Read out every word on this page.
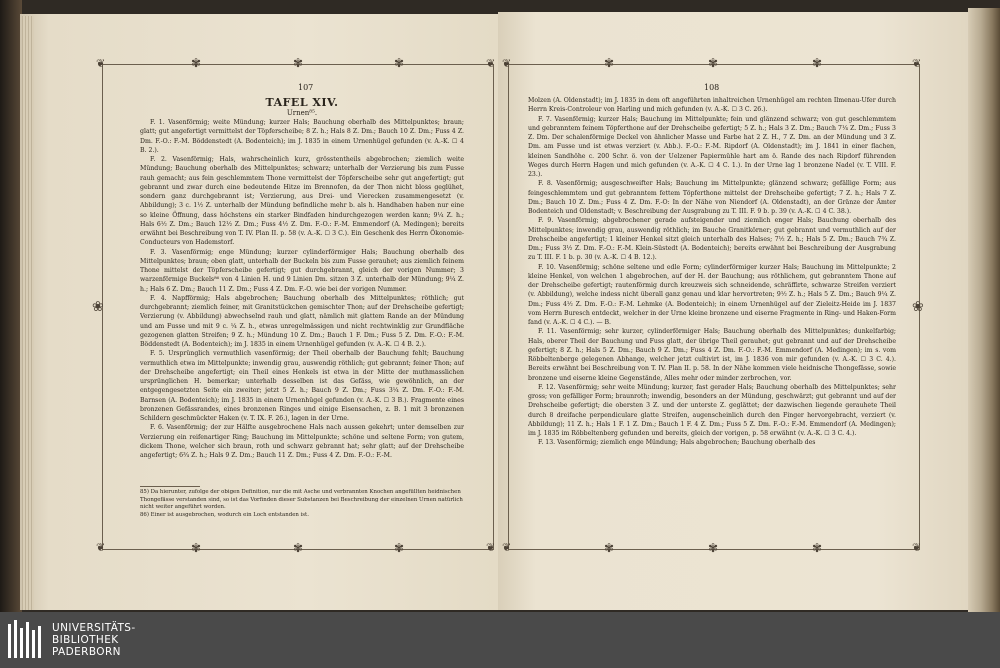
❦	❦
❦	❦
✾	✾	✾
❀
✾	✾	✾
❦	❦
❦	❦
✾	✾	✾
❀
✾	✾	✾
107	108
TAFEL XIV.
Urnen⁸⁵.

F. 1. Vasenförmig; weite Mündung; kurzer Hals; Bauchung oberhalb des Mittelpunktes; braun; glatt; gut angefertigt vermittelst der Töpferscheibe; 8 Z. h.; Hals 8 Z. Dm.; Bauch 10 Z. Dm.; Fuss 4 Z. Dm. F.-O.: F.-M. Böddenstedt (A. Bodenteich); im J. 1835 in einem Urnenhügel gefunden (v. A.-K. ☐ 4 B. 2.).

F. 2. Vasenförmig; Hals, wahrscheinlich kurz, grösstentheils abgebrochen; ziemlich weite Mündung; Bauchung oberhalb des Mittelpunktes; schwarz; unterhalb der Verzierung bis zum Fusse rauh gemacht; aus fein geschlemmtem Thone vermittelst der Töpferscheibe sehr gut angefertigt; gut gebrannt und zwar durch eine bedeutende Hitze im Brennofen, da der Thon nicht bloss geglühet, sondern ganz durchgebrannt ist; Verzierung, aus Drei- und Vierecken zusammengesetzt (v. Abbildung); 3 c. 1½ Z. unterhalb der Mündung befindliche mehr b. als h. Handhaben haben nur eine so kleine Öffnung, dass höchstens ein starker Bindfaden hindurchgezogen werden kann; 9¼ Z. h.; Hals 6½ Z. Dm.; Bauch 12½ Z. Dm.; Fuss 4½ Z. Dm. F.-O.: F.-M. Emmendorf (A. Medingen); bereits erwähnt bei Beschreibung von T. IV. Plan II. p. 58 (v. A.-K. ☐ 3 C.). Ein Geschenk des Herrn Ökonomie-Conducteurs von Hademstorf.

F. 3. Vasenförmig; enge Mündung; kurzer cylinderförmiger Hals; Bauchung oberhalb des Mittelpunktes; braun; oben glatt, unterhalb der Buckeln bis zum Fusse gerauhet; aus ziemlich feinem Thone mittelst der Töpferscheibe gefertigt; gut durchgebrannt, gleich der vorigen Nummer; 3 warzenförmige Buckels⁸⁶ von 4 Linien H. und 9 Linien Dm. sitzen 3 Z. unterhalb der Mündung; 9¼ Z. h.; Hals 6 Z. Dm.; Bauch 11 Z. Dm.; Fuss 4 Z. Dm. F.-O. wie bei der vorigen Nummer.

F. 4. Napfförmig; Hals abgebrochen; Bauchung oberhalb des Mittelpunktes; röthlich; gut durchgebrannt; ziemlich feiner, mit Granitstückchen gemischter Thon; auf der Drehscheibe gefertigt; Verzierung (v. Abbildung) abwechselnd rauh und glatt, nämlich mit glattem Rande an der Mündung und am Fusse und mit 9 c. ¼ Z. h., etwas unregelmässigen und nicht rechtwinklig zur Grundfläche gezogenen glatten Streifen; 9 Z. h.; Mündung 10 Z. Dm.; Bauch 1 F. Dm.; Fuss 5 Z. Dm. F.-O.: F.-M. Böddenstedt (A. Bodenteich); im J. 1835 in einem Urnenhügel gefunden (v. A.-K. ☐ 4 B. 2.).

F. 5. Ursprünglich vermuthlich vasenförmig; der Theil oberhalb der Bauchung fehlt; Bauchung vermuthlich etwa im Mittelpunkte; inwendig grau, auswendig röthlich; gut gebrannt; feiner Thon; auf der Drehscheibe angefertigt; ein Theil eines Henkels ist etwa in der Mitte der muthmasslichen ursprünglichen H. bemerkar; unterhalb desselben ist das Gefäss, wie gewöhnlich, an der entgegengesetzten Seite ein zweiter; jetzt 5 Z. h.; Bauch 9 Z. Dm.; Fuss 3¼ Z. Dm. F.-O.: F.-M. Barnsen (A. Bodenteich); im J. 1835 in einem Urnenhügel gefunden (v. A.-K. ☐ 3 B.). Fragmente eines bronzenen Gefässrandes, eines bronzenen Ringes und einige Eisensachen, z. B. 1 mit 3 bronzenen Schildern geschmückter Haken (v. T. IX. F. 26.), lagen in der Urne.

F. 6. Vasenförmig; der zur Hälfte ausgebrochene Hals nach aussen gekehrt; unter demselben zur Verzierung ein reifenartiger Ring; Bauchung im Mittelpunkte; schöne und seltene Form; von gutem, dickem Thone, welcher sich braun, roth und schwarz gebrannt hat; sehr glatt; auf der Drehscheibe angefertigt; 6¾ Z. h.; Hals 9 Z. Dm.; Bauch 11 Z. Dm.; Fuss 4 Z. Dm. F.-O.: F.-M.

85) Da hierunter, zufolge der obigen Definition, nur die mit Asche und verbrannten Knochen angefüllten heidnischen Thongefässe verstanden sind, so ist das Vorfinden dieser Substanzen bei Beschreibung der einzelnen Urnen natürlich nicht weiter angeführt worden.

86) Einer ist ausgebrochen, wodurch ein Loch entstanden ist.

Molzen (A. Oldenstadt); im J. 1835 in dem oft angeführten inhaltreichen Urnenhügel am rechten Ilmenau-Ufer durch Herrn Kreis-Controleur von Harling und mich gefunden (v. A.-K. ☐ 3 C. 26.).

F. 7. Vasenförmig; kurzer Hals; Bauchung im Mittelpunkte; fein und glänzend schwarz; von gut geschlemmtem und gebranntem feinem Töpferthone auf der Drehscheibe gefertigt; 5 Z. h.; Hals 3 Z. Dm.; Bauch 7¼ Z. Dm.; Fuss 3 Z. Dm. Der schalenförmige Deckel von ähnlicher Masse und Farbe hat 2 Z. H., 7 Z. Dm. an der Mündung und 3 Z. Dm. am Fusse und ist etwas verziert (v. Abb.). F.-O.: F.-M. Ripdorf (A. Oldenstadt); im J. 1841 in einer flachen, kleinen Sandhöhe c. 200 Schr. ö. von der Uelzener Papiermühle hart am ö. Rande des nach Ripdorf führenden Weges durch Herrn Hagen und mich gefunden (v. A.-K. ☐ 4 C. 1.). In der Urne lag 1 bronzene Nadel (v. T. VIII. F. 23.).

F. 8. Vasenförmig; ausgeschweifter Hals; Bauchung im Mittelpunkte; glänzend schwarz; gefällige Form; aus feingeschlemmtem und gut gebranntem fettem Töpferthone mittelst der Drehscheibe gefertigt; 7 Z. h.; Hals 7 Z. Dm.; Bauch 10 Z. Dm.; Fuss 4 Z. Dm. F.-O: In der Nähe von Niendorf (A. Oldenstadt), an der Gränze der Ämter Bodenteich und Oldenstadt; v. Beschreibung der Ausgrabung zu T. III. F. 9 b. p. 39 (v. A.-K. ☐ 4 C. 38.).

F. 9. Vasenförmig; abgebrochener gerade aufsteigender und ziemlich enger Hals; Bauchung oberhalb des Mittelpunktes; inwendig grau, auswendig röthlich; im Bauche Granitkörner; gut gebrannt und vermuthlich auf der Drehscheibe angefertigt; 1 kleiner Henkel sitzt gleich unterhalb des Halses; 7½ Z. h.; Hals 5 Z. Dm.; Bauch 7¾ Z. Dm.; Fuss 3½ Z. Dm. F.-O.: F.-M. Klein-Süstedt (A. Bodenteich); bereits erwähnt bei Beschreibung der Ausgrabung zu T. III. F. 1 b. p. 30 (v. A.-K. ☐ 4 B. 12.).

F. 10. Vasenförmig; schöne seltene und edle Form; cylinderförmiger kurzer Hals; Bauchung im Mittelpunkte; 2 kleine Henkel, von welchen 1 abgebrochen, auf der H. der Bauchung; aus röthlichem, gut gebranntem Thone auf der Drehscheibe gefertigt; rautenförmig durch kreuzweis sich schneidende, schräffirte, schwarze Streifen verziert (v. Abbildung), welche indess nicht überall ganz genau und klar hervortreten; 9½ Z. h.; Hals 5 Z. Dm.; Bauch 9¼ Z. Dm.; Fuss 4½ Z. Dm. F.-O.: F.-M. Lehmke (A. Bodenteich); in einem Urnenhügel auf der Zieleitz-Heide im J. 1837 vom Herrn Buresch entdeckt, welcher in der Urne kleine bronzene und eiserne Fragmente in Ring- und Haken-Form fand (v. A.-K. ☐ 4 C.). — B.

F. 11. Vasenförmig; sehr kurzer, cylinderförmiger Hals; Bauchung oberhalb des Mittelpunktes; dunkelfarbig; Hals, oberer Theil der Bauchung und Fuss glatt, der übrige Theil gerauhet; gut gebrannt und auf der Drehscheibe gefertigt; 8 Z. h.; Hals 5 Z. Dm.; Bauch 9 Z. Dm.; Fuss 4 Z. Dm. F.-O.: F.-M. Emmendorf (A. Medingen); im s. vom Röbbeltenberge gelegenen Abhange, welcher jetzt cultivirt ist, im J. 1836 von mir gefunden (v. A.-K. ☐ 3 C. 4.). Bereits erwähnt bei Beschreibung von T. IV. Plan II. p. 58. In der Nähe kommen viele heidnische Thongefässe, sowie bronzene und eiserne kleine Gegenstände, Alles mehr oder minder zerbrochen, vor.

F. 12. Vasenförmig; sehr weite Mündung; kurzer, fast gerader Hals; Bauchung oberhalb des Mittelpunktes; sehr gross; von gefälliger Form; braunroth; inwendig, besonders an der Mündung, geschwärzt; gut gebrannt und auf der Drehscheibe gefertigt; die obersten 3 Z. und der unterste Z. geglättet; der dazwischen liegende gerauhete Theil durch 8 dreifache perpendiculare glatte Streifen, augenscheinlich durch den Finger hervorgebracht, verziert (v. Abbildung); 11 Z. h.; Hals 1 F. 1 Z. Dm.; Bauch 1 F. 4 Z. Dm.; Fuss 5 Z. Dm. F.-O.: F.-M. Emmendorf (A. Medingen); im J. 1835 im Röbbeltenberg gefunden und bereits, gleich der vorigen, p. 58 erwähnt (v. A.-K. ☐ 3 C. 4.).

F. 13. Vasenförmig; ziemlich enge Mündung; Hals abgebrochen; Bauchung oberhalb des

UNIVERSITÄTS-
BIBLIOTHEK
PADERBORN
